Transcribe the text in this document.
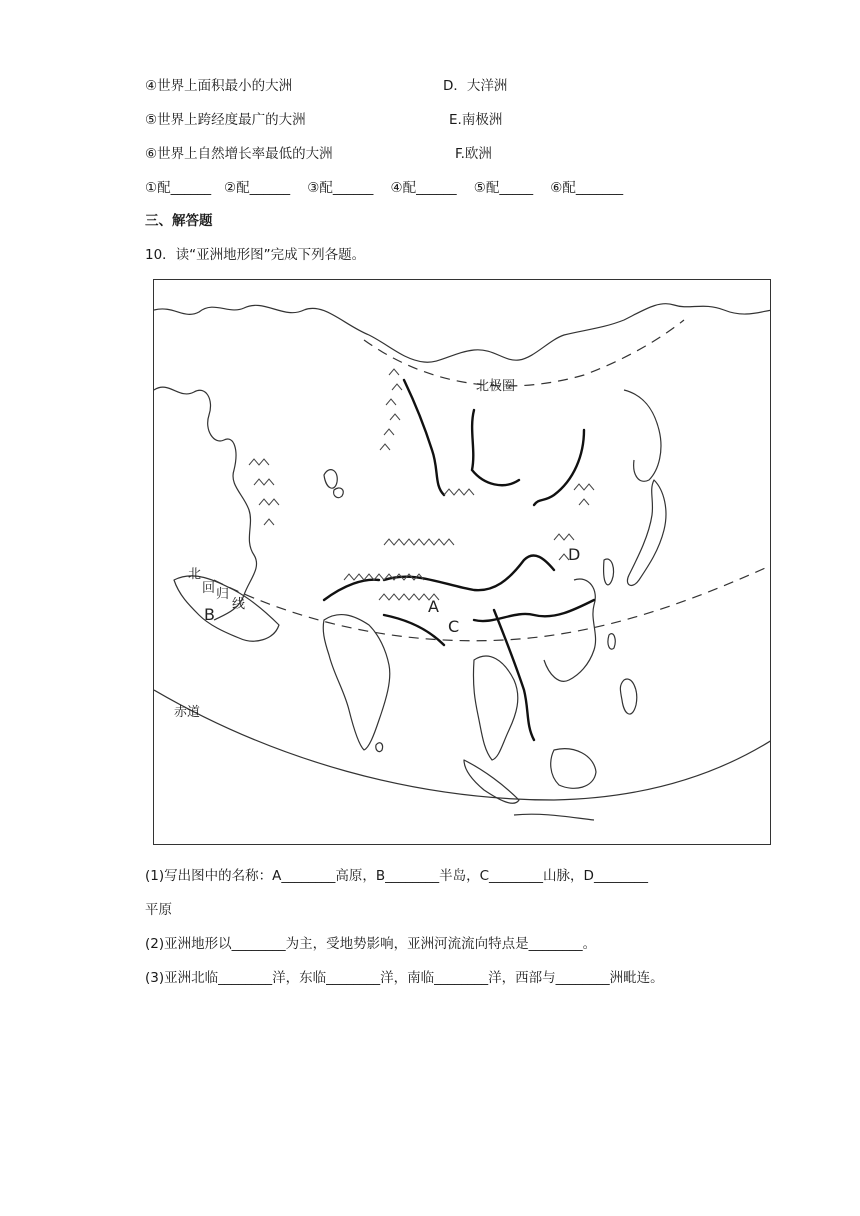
④世界上面积最小的大洲	D．大洋洲
⑤世界上跨经度最广的大洲	E.南极洲
⑥世界上自然增长率最低的大洲	F.欧洲
①配______   ②配______    ③配______    ④配______    ⑤配_____    ⑥配_______
三、解答题
10．读“亚洲地形图”完成下列各题。
北极圈
北
回 归
线
赤道
A
B
C
D
(1)写出图中的名称：A________高原，B________半岛，C________山脉，D________
平原
(2)亚洲地形以________为主，受地势影响，亚洲河流流向特点是________。
(3)亚洲北临________洋，东临________洋，南临________洋，西部与________洲毗连。
